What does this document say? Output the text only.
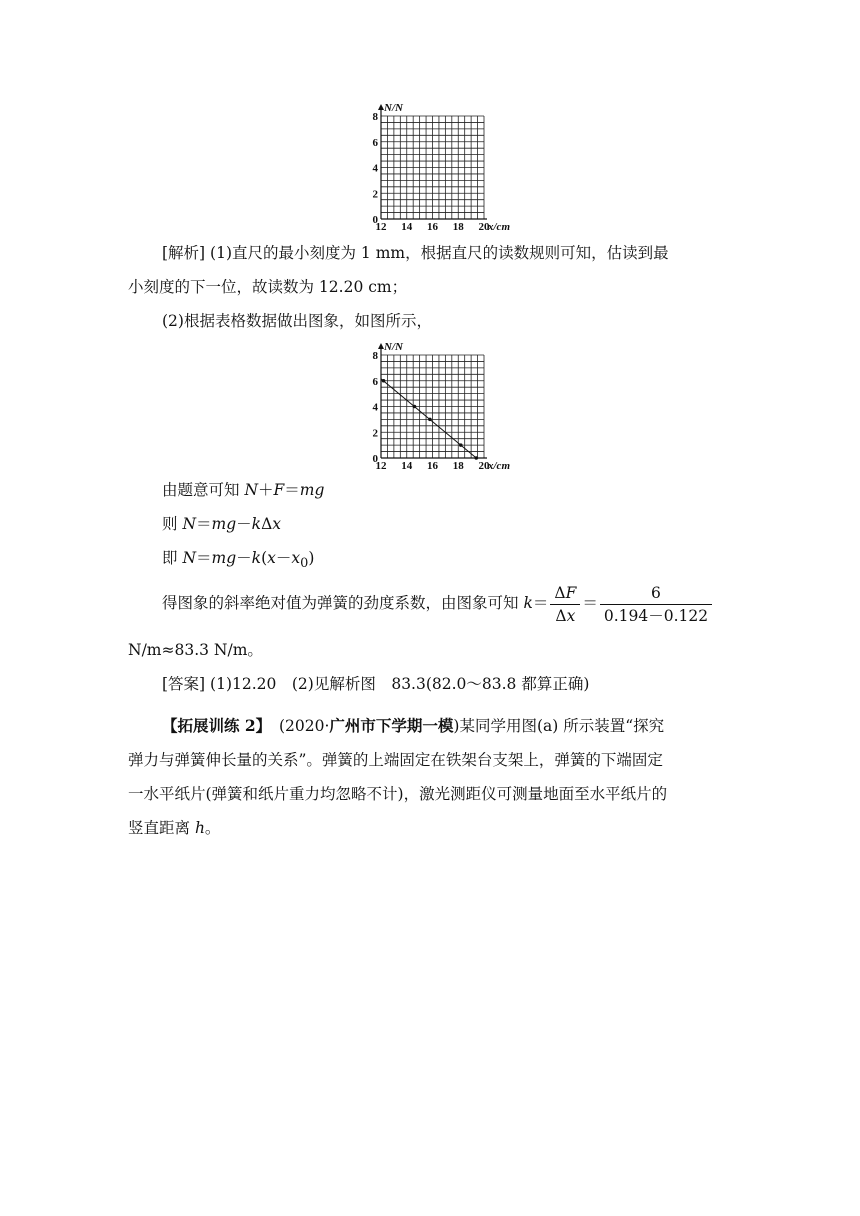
12 14 16 18 20
0
2
4
6
8
x/cm
N/N
[解析] (1)直尺的最小刻度为 1 mm，根据直尺的读数规则可知，估读到最
小刻度的下一位，故读数为 12.20 cm；
(2)根据表格数据做出图象，如图所示，
12 14 16 18 20
0
2
4
6
8
x/cm
N/N
由题意可知 N＋F＝mg
则 N＝mg－kΔx
即 $N=mg-k(x-x_0)$
得图象的斜率绝对值为弹簧的劲度系数，由图象可知 $k= \frac{\Delta F}{\Delta x} = \frac{6}{0.194-0.122}$
N/m≈83.3 N/m。
[答案] (1)12.20　(2)见解析图　83.3(82.0～83.8 都算正确)
【拓展训练 2】　 (2020·广州市下学期一模)某同学用图(a) 所示装置“探究
弹力与弹簧伸长量的关系”。弹簧的上端固定在铁架台支架上，弹簧的下端固定
一水平纸片(弹簧和纸片重力均忽略不计)，激光测距仪可测量地面至水平纸片的
竖直距离 h。
